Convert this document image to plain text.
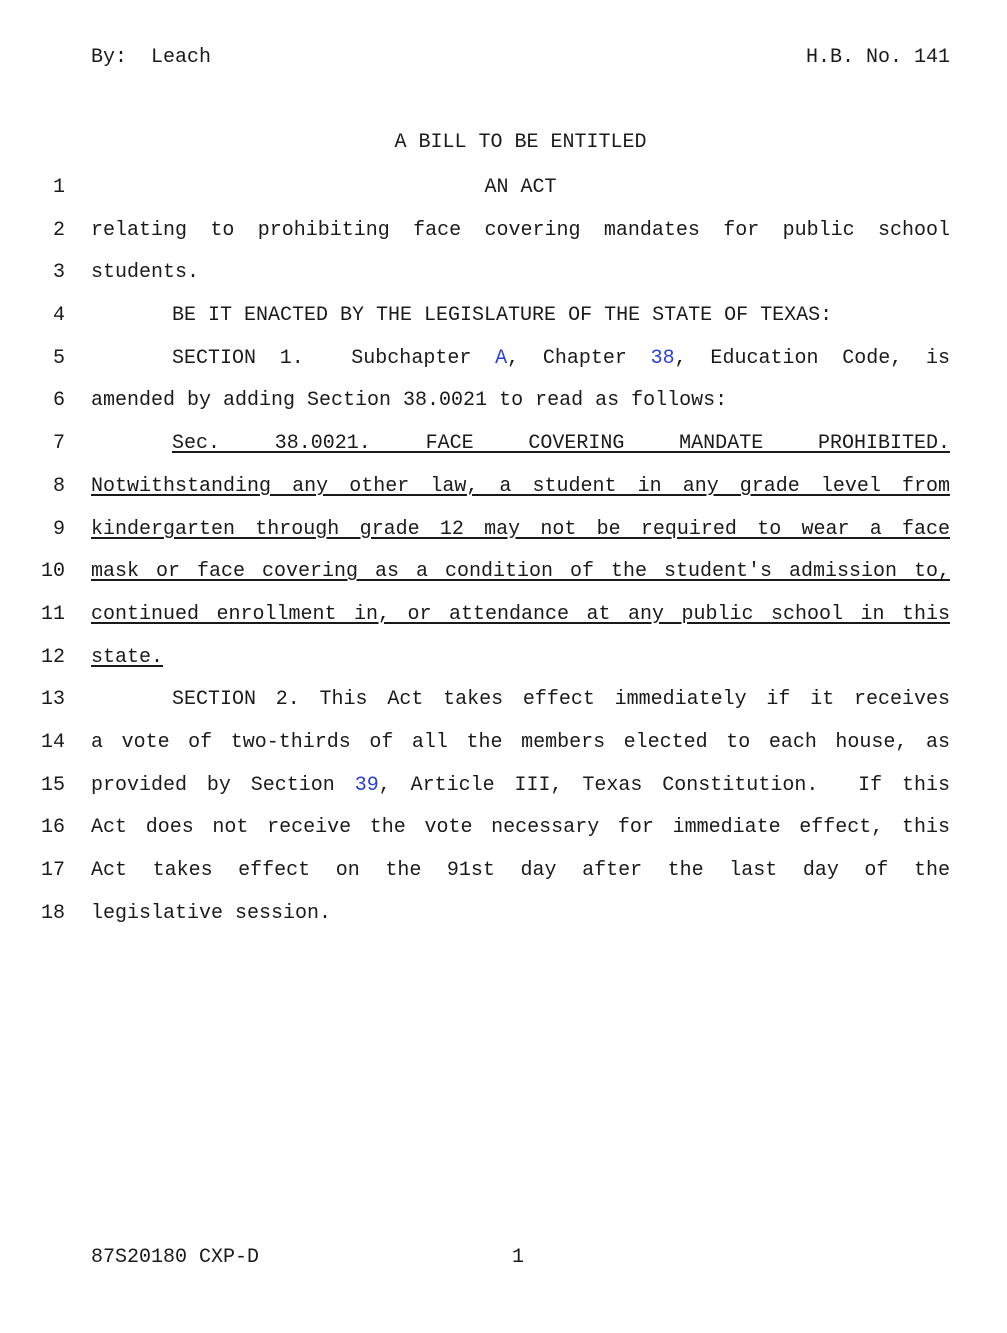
By:  Leach	H.B. No. 141
A BILL TO BE ENTITLED
1	AN ACT
2 relating to prohibiting face covering mandates for public school
3 students.
4	BE IT ENACTED BY THE LEGISLATURE OF THE STATE OF TEXAS:
5	SECTION 1.  Subchapter A, Chapter 38, Education Code, is
6 amended by adding Section 38.0021 to read as follows:
7	Sec. 38.0021. FACE COVERING MANDATE PROHIBITED.
8 Notwithstanding any other law, a student in any grade level from
9 kindergarten through grade 12 may not be required to wear a face
10 mask or face covering as a condition of the student's admission to,
11 continued enrollment in, or attendance at any public school in this
12 state.
13	SECTION 2. This Act takes effect immediately if it receives
14 a vote of two-thirds of all the members elected to each house, as
15 provided by Section 39, Article III, Texas Constitution.  If this
16 Act does not receive the vote necessary for immediate effect, this
17 Act takes effect on the 91st day after the last day of the
18 legislative session.
87S20180 CXP-D	1
